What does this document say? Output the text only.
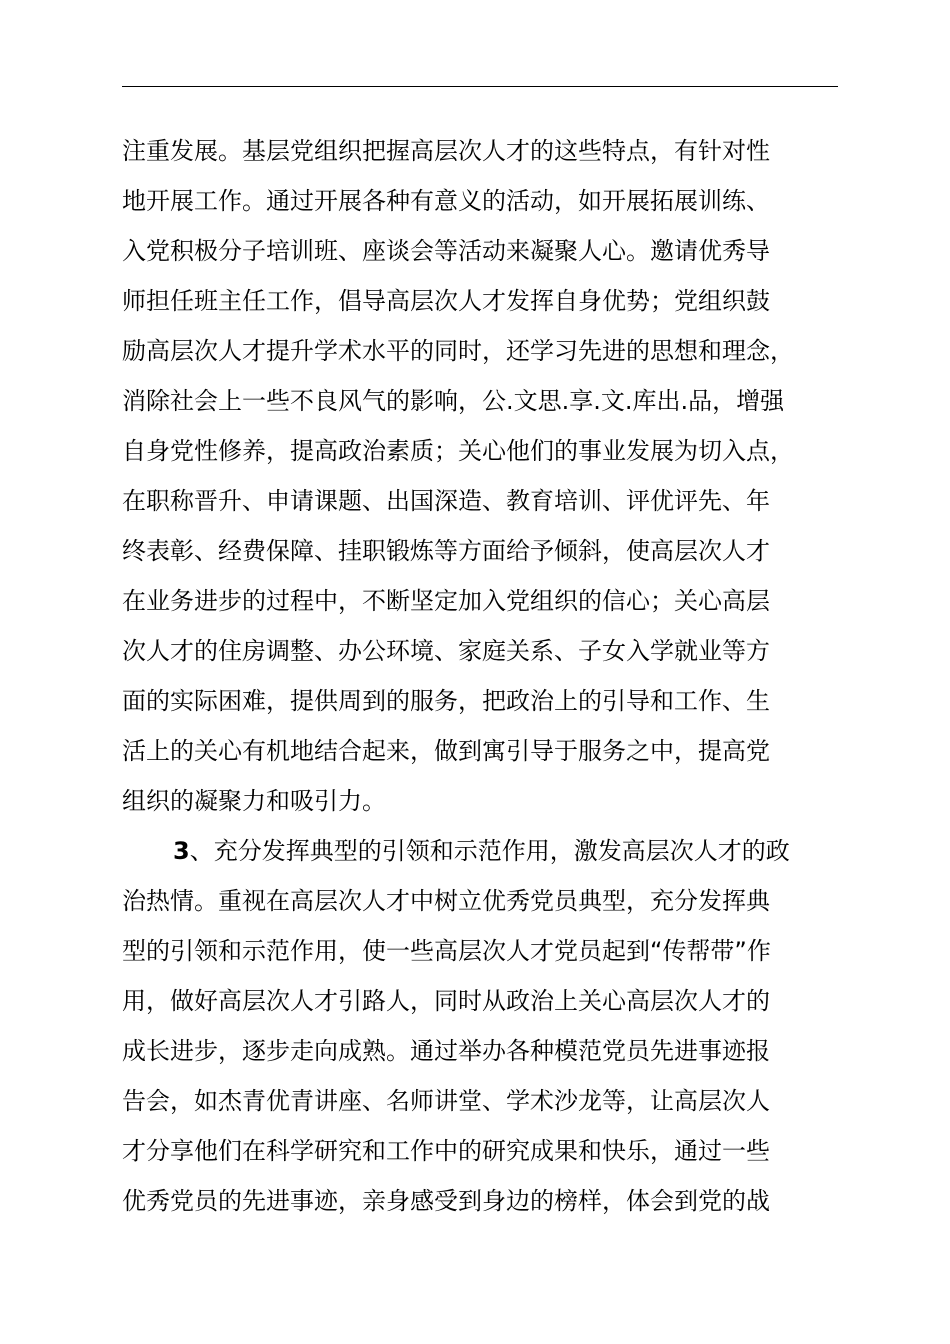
注重发展。基层党组织把握高层次人才的这些特点，有针对性
地开展工作。通过开展各种有意义的活动，如开展拓展训练、
入党积极分子培训班、座谈会等活动来凝聚人心。邀请优秀导
师担任班主任工作，倡导高层次人才发挥自身优势；党组织鼓
励高层次人才提升学术水平的同时，还学习先进的思想和理念，
消除社会上一些不良风气的影响，公.文思.享.文.库出.品，增强
自身党性修养，提高政治素质；关心他们的事业发展为切入点，
在职称晋升、申请课题、出国深造、教育培训、评优评先、年
终表彰、经费保障、挂职锻炼等方面给予倾斜，使高层次人才
在业务进步的过程中，不断坚定加入党组织的信心；关心高层
次人才的住房调整、办公环境、家庭关系、子女入学就业等方
面的实际困难，提供周到的服务，把政治上的引导和工作、生
活上的关心有机地结合起来，做到寓引导于服务之中，提高党
组织的凝聚力和吸引力。
3、充分发挥典型的引领和示范作用，激发高层次人才的政
治热情。重视在高层次人才中树立优秀党员典型，充分发挥典
型的引领和示范作用，使一些高层次人才党员起到“传帮带”作
用，做好高层次人才引路人，同时从政治上关心高层次人才的
成长进步，逐步走向成熟。通过举办各种模范党员先进事迹报
告会，如杰青优青讲座、名师讲堂、学术沙龙等，让高层次人
才分享他们在科学研究和工作中的研究成果和快乐，通过一些
优秀党员的先进事迹，亲身感受到身边的榜样，体会到党的战
